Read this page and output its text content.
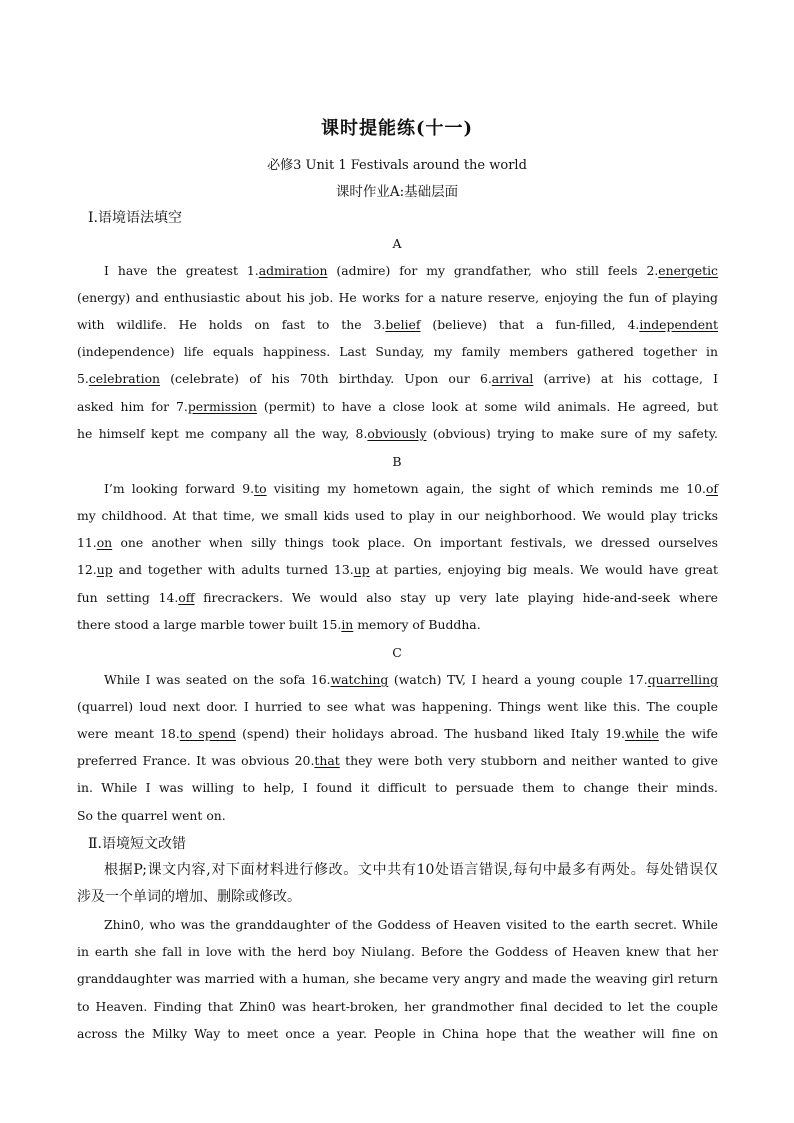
课时提能练(十一)
必修3 Unit 1 Festivals around the world
课时作业A:基础层面
Ⅰ.语境语法填空
A
I have the greatest 1.admiration (admire) for my grandfather, who still feels 2.energetic
(energy) and enthusiastic about his job. He works for a nature reserve, enjoying the fun of playing
with wildlife. He holds on fast to the 3.belief (believe) that a fun-filled, 4.independent
(independence) life equals happiness. Last Sunday, my family members gathered together in
5.celebration (celebrate) of his 70th birthday. Upon our 6.arrival (arrive) at his cottage, I
asked him for 7.permission (permit) to have a close look at some wild animals. He agreed, but
he himself kept me company all the way, 8.obviously (obvious) trying to make sure of my safety.
B
I’m looking forward 9.to visiting my hometown again, the sight of which reminds me 10.of
my childhood. At that time, we small kids used to play in our neighborhood. We would play tricks
11.on one another when silly things took place. On important festivals, we dressed ourselves
12.up and together with adults turned 13.up at parties, enjoying big meals. We would have great
fun setting 14.off firecrackers. We would also stay up very late playing hide-and-seek where
there stood a large marble tower built 15.in memory of Buddha.
C
While I was seated on the sofa 16.watching (watch) TV, I heard a young couple 17.quarrelling
(quarrel) loud next door. I hurried to see what was happening. Things went like this. The couple
were meant 18.to spend (spend) their holidays abroad. The husband liked Italy 19.while the wife
preferred France. It was obvious 20.that they were both very stubborn and neither wanted to give
in. While I was willing to help, I found it difficult to persuade them to change their minds.
So the quarrel went on.
Ⅱ.语境短文改错
根据P;课文内容,对下面材料进行修改。文中共有10处语言错误,每句中最多有两处。每处错误仅
涉及一个单词的增加、删除或修改。
Zhin0, who was the granddaughter of the Goddess of Heaven visited to the earth secret. While
in earth she fall in love with the herd boy Niulang. Before the Goddess of Heaven knew that her
granddaughter was married with a human, she became very angry and made the weaving girl return
to Heaven. Finding that Zhin0 was heart-broken, her grandmother final decided to let the couple
across the Milky Way to meet once a year. People in China hope that the weather will fine on
